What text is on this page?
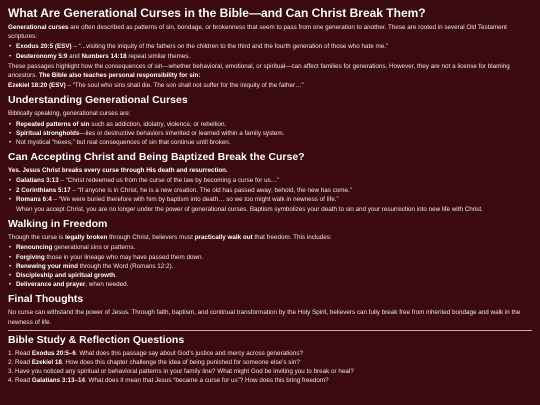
What Are Generational Curses in the Bible—and Can Christ Break Them?

Generational curses are often described as patterns of sin, bondage, or brokenness that seem to pass from one generation to another. These are rooted in several Old Testament scriptures:

• Exodus 20:5 (ESV) – “...visiting the iniquity of the fathers on the children to the third and the fourth generation of those who hate me.”
• Deuteronomy 5:9 and Numbers 14:18 repeat similar themes.

These passages highlight how the consequences of sin—whether behavioral, emotional, or spiritual—can affect families for generations. However, they are not a license for blaming ancestors. The Bible also teaches personal responsibility for sin:

Ezekiel 18:20 (ESV) – “The soul who sins shall die. The son shall not suffer for the iniquity of the father…”

Understanding Generational Curses

Biblically speaking, generational curses are:

• Repeated patterns of sin such as addiction, idolatry, violence, or rebellion.
• Spiritual strongholds—lies or destructive behaviors inherited or learned within a family system.
• Not mystical “hexes,” but real consequences of sin that continue until broken.
Can Accepting Christ and Being Baptized Break the Curse?

Yes. Jesus Christ breaks every curse through His death and resurrection.

• Galatians 3:13 – “Christ redeemed us from the curse of the law by becoming a curse for us…”
• 2 Corinthians 5:17 – “If anyone is in Christ, he is a new creation. The old has passed away; behold, the new has come.”
• Romans 6:4 – “We were buried therefore with him by baptism into death… so we too might walk in newness of life.”

When you accept Christ, you are no longer under the power of generational curses. Baptism symbolizes your death to sin and your resurrection into new life with Christ.

Walking in Freedom

Though the curse is legally broken through Christ, believers must practically walk out that freedom. This includes:

• Renouncing generational sins or patterns.
• Forgiving those in your lineage who may have passed them down.
• Renewing your mind through the Word (Romans 12:2).
• Discipleship and spiritual growth.
• Deliverance and prayer, when needed.
Final Thoughts

No curse can withstand the power of Jesus. Through faith, baptism, and continual transformation by the Holy Spirit, believers can fully break free from inherited bondage and walk in the newness of life.

Bible Study & Reflection Questions
1. Read Exodus 20:5–6. What does this passage say about God’s justice and mercy across generations?
2. Read Ezekiel 18. How does this chapter challenge the idea of being punished for someone else’s sin?
3. Have you noticed any spiritual or behavioral patterns in your family line? What might God be inviting you to break or heal?
4. Read Galatians 3:13–14. What does it mean that Jesus “became a curse for us”? How does this bring freedom?
